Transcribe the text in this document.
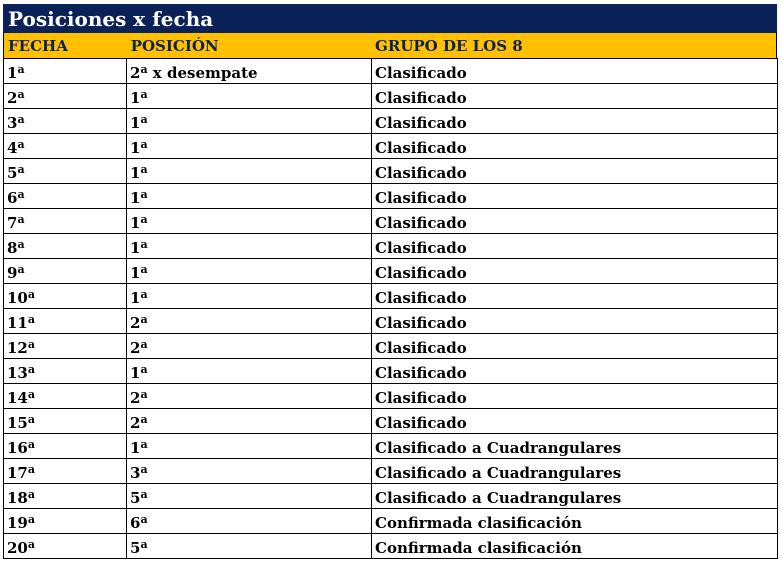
Posiciones x fecha
FECHA	POSICIÓN	GRUPO DE LOS 8
1$^a$	2$^a$ x desempate	Clasificado
2$^a$	1$^a$	Clasificado
3$^a$	1$^a$	Clasificado
4$^a$	1$^a$	Clasificado
5$^a$	1$^a$	Clasificado
6$^a$	1$^a$	Clasificado
7$^a$	1$^a$	Clasificado
8$^a$	1$^a$	Clasificado
9$^a$	1$^a$	Clasificado
10$^a$	1$^a$	Clasificado
11$^a$	2$^a$	Clasificado
12$^a$	2$^a$	Clasificado
13$^a$	1$^a$	Clasificado
14$^a$	2$^a$	Clasificado
15$^a$	2$^a$	Clasificado
16$^a$	1$^a$	Clasificado a Cuadrangulares
17$^a$	3$^a$	Clasificado a Cuadrangulares
18$^a$	5$^a$	Clasificado a Cuadrangulares
19$^a$	6$^a$	Confirmada clasificación
20$^a$	5$^a$	Confirmada clasificación
